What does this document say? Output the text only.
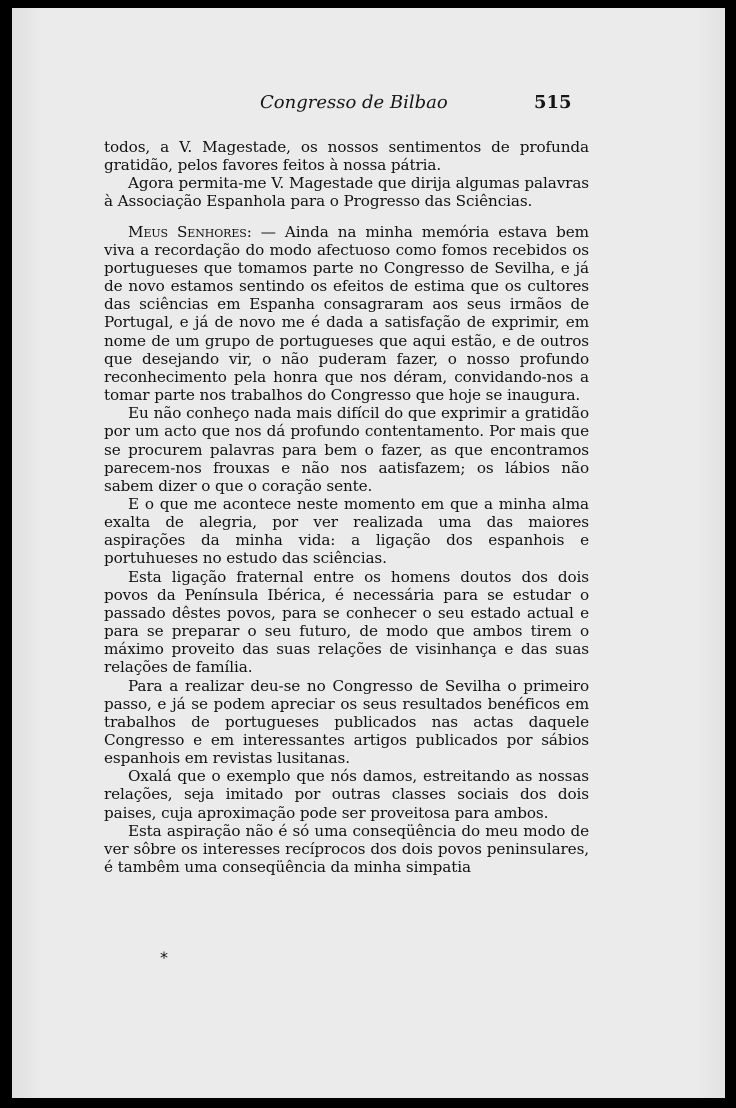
Congresso de Bilbao	515

todos, a V. Magestade, os nossos sentimentos de profunda gratidão, pelos favores feitos à nossa pátria.

Agora permita-me V. Magestade que dirija algumas palavras à Associação Espanhola para o Progresso das Sciências.

Meus Senhores: — Ainda na minha memória estava bem viva a recordação do modo afectuoso como fomos recebidos os portugueses que tomamos parte no Congresso de Sevilha, e já de novo estamos sentindo os efeitos de estima que os cultores das sciências em Espanha consagraram aos seus irmãos de Portugal, e já de novo me é dada a satisfação de exprimir, em nome de um grupo de portugueses que aqui estão, e de outros que desejando vir, o não puderam fazer, o nosso profundo reconhecimento pela honra que nos déram, convidando-nos a tomar parte nos trabalhos do Congresso que hoje se inaugura.

Eu não conheço nada mais difícil do que exprimir a gratidão por um acto que nos dá profundo contentamento. Por mais que se procurem palavras para bem o fazer, as que encontramos parecem-nos frouxas e não nos aatisfazem; os lábios não sabem dizer o que o coração sente.

E o que me acontece neste momento em que a minha alma exalta de alegria, por ver realizada uma das maiores aspirações da minha vida: a ligação dos espanhois e portuhueses no estudo das sciências.

Esta ligação fraternal entre os homens doutos dos dois povos da Península Ibérica, é necessária para se estudar o passado dêstes povos, para se conhecer o seu estado actual e para se preparar o seu futuro, de modo que ambos tirem o máximo proveito das suas relações de visinhança e das suas relações de família.

Para a realizar deu-se no Congresso de Sevilha o primeiro passo, e já se podem apreciar os seus resultados benéficos em trabalhos de portugueses publicados nas actas daquele Congresso e em interessantes artigos publicados por sábios espanhois em revistas lusitanas.

Oxalá que o exemplo que nós damos, estreitando as nossas relações, seja imitado por outras classes sociais dos dois paises, cuja aproximação pode ser proveitosa para ambos.

Esta aspiração não é só uma conseqüência do meu modo de ver sôbre os interesses recíprocos dos dois povos peninsulares, é tambêm uma conseqüência da minha simpatia

*
